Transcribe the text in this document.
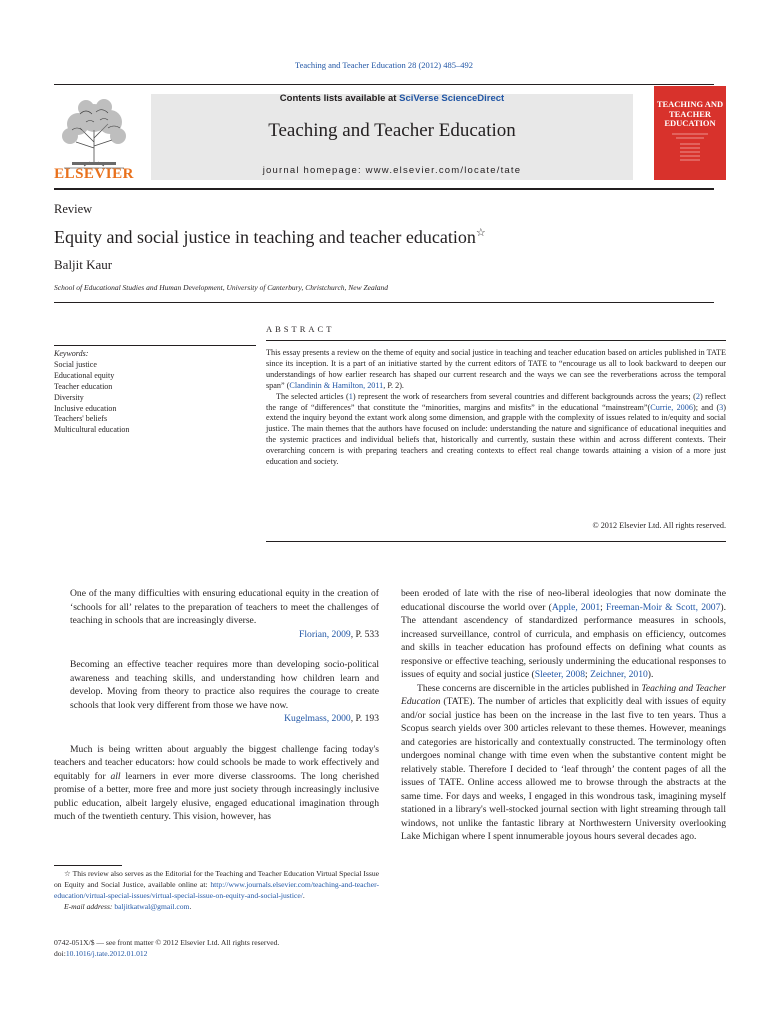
Teaching and Teacher Education 28 (2012) 485–492
ELSEVIER
Contents lists available at SciVerse ScienceDirect
Teaching and Teacher Education
journal homepage: www.elsevier.com/locate/tate
TEACHING AND TEACHER EDUCATION
Review
Equity and social justice in teaching and teacher education☆
Baljit Kaur
School of Educational Studies and Human Development, University of Canterbury, Christchurch, New Zealand
ABSTRACT
Keywords:
Social justice
Educational equity
Teacher education
Diversity
Inclusive education
Teachers' beliefs
Multicultural education

This essay presents a review on the theme of equity and social justice in teaching and teacher education based on articles published in TATE since its inception. It is a part of an initiative started by the current editors of TATE to “encourage us all to look backward to deepen our understandings of how earlier research has shaped our current research and the ways we can see the reverberations across the temporal span” (Clandinin & Hamilton, 2011, P. 2).

The selected articles (1) represent the work of researchers from several countries and different backgrounds across the years; (2) reflect the range of “differences” that constitute the “minorities, margins and misfits” in the educational “mainstream”(Currie, 2006); and (3) extend the inquiry beyond the extant work along some dimension, and grapple with the complexity of issues related to in/equity and social justice. The main themes that the authors have focused on include: understanding the nature and significance of educational inequities and the systemic practices and individual beliefs that, historically and currently, sustain these within and across different contexts. Their overarching concern is with preparing teachers and creating contexts to effect real change towards attaining a vision of a more just education and society.

© 2012 Elsevier Ltd. All rights reserved.

One of the many difficulties with ensuring educational equity in the creation of ‘schools for all’ relates to the preparation of teachers to meet the challenges of teaching in schools that are increasingly diverse.

Florian, 2009, P. 533

Becoming an effective teacher requires more than developing socio-political awareness and teaching skills, and understanding how children learn and develop. Moving from theory to practice also requires the courage to create schools that look very different from those we have now.

Kugelmass, 2000, P. 193

Much is being written about arguably the biggest challenge facing today's teachers and teacher educators: how could schools be made to work effectively and equitably for all learners in ever more diverse classrooms. The long cherished promise of a better, more free and more just society through increasingly inclusive public education, albeit largely elusive, engaged educational imagination through much of the twentieth century. This vision, however, has

been eroded of late with the rise of neo-liberal ideologies that now dominate the educational discourse the world over (Apple, 2001; Freeman-Moir & Scott, 2007). The attendant ascendency of standardized performance measures in schools, increased surveillance, control of curricula, and emphasis on efficiency, outcomes and skills in teacher education has profound effects on defining what counts as responsive or effective teaching, seriously undermining the educational responses to issues of equity and social justice (Sleeter, 2008; Zeichner, 2010).

These concerns are discernible in the articles published in Teaching and Teacher Education (TATE). The number of articles that explicitly deal with issues of equity and/or social justice has been on the increase in the last five to ten years. Thus a Scopus search yields over 300 articles relevant to these themes. However, meanings and categories are historically and contextually constructed. The terminology often undergoes nominal change with time even when the substantive content might be relatively stable. Therefore I decided to ‘leaf through’ the content pages of all the issues of TATE. Online access allowed me to browse through the abstracts at the same time. For days and weeks, I engaged in this wondrous task, imagining myself stationed in a library's well-stocked journal section with light streaming through tall windows, not unlike the fantastic library at Northwestern University overlooking Lake Michigan where I spent innumerable joyous hours several decades ago.

☆ This review also serves as the Editorial for the Teaching and Teacher Education Virtual Special Issue on Equity and Social Justice, available online at: http://www.journals.elsevier.com/teaching-and-teacher-education/virtual-special-issues/virtual-special-issue-on-equity-and-social-justice/.

E-mail address: baljitkatwal@gmail.com.

0742-051X/$ — see front matter © 2012 Elsevier Ltd. All rights reserved.
doi:10.1016/j.tate.2012.01.012
